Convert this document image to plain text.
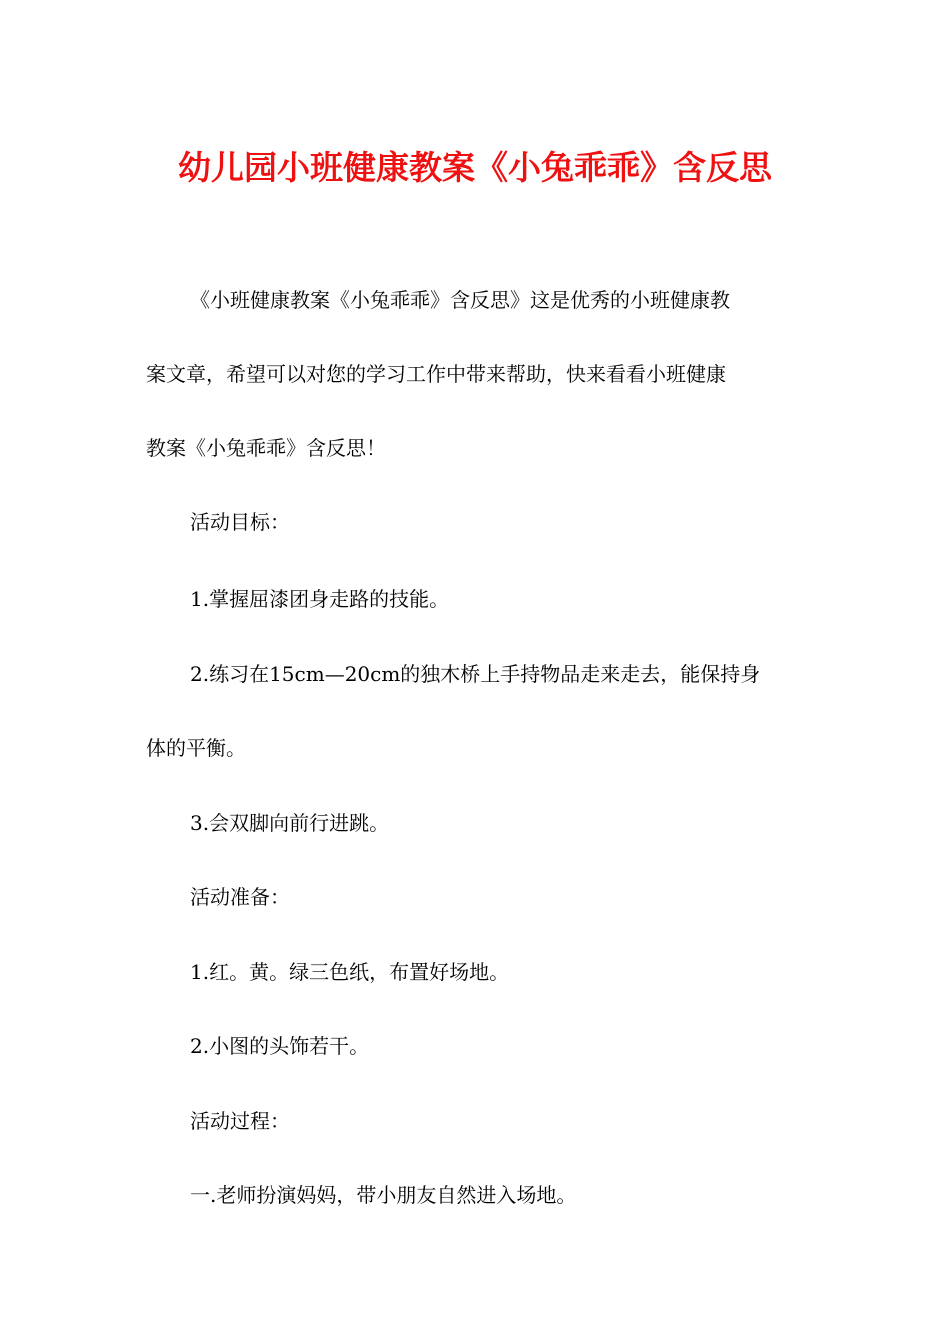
幼儿园小班健康教案《小兔乖乖》含反思
《小班健康教案《小兔乖乖》含反思》这是优秀的小班健康教
案文章，希望可以对您的学习工作中带来帮助，快来看看小班健康
教案《小兔乖乖》含反思！
活动目标：
1.掌握屈漆团身走路的技能。
2.练习在15cm—20cm的独木桥上手持物品走来走去，能保持身
体的平衡。
3.会双脚向前行进跳。
活动准备：
1.红。黄。绿三色纸，布置好场地。
2.小图的头饰若干。
活动过程：
一.老师扮演妈妈，带小朋友自然进入场地。
